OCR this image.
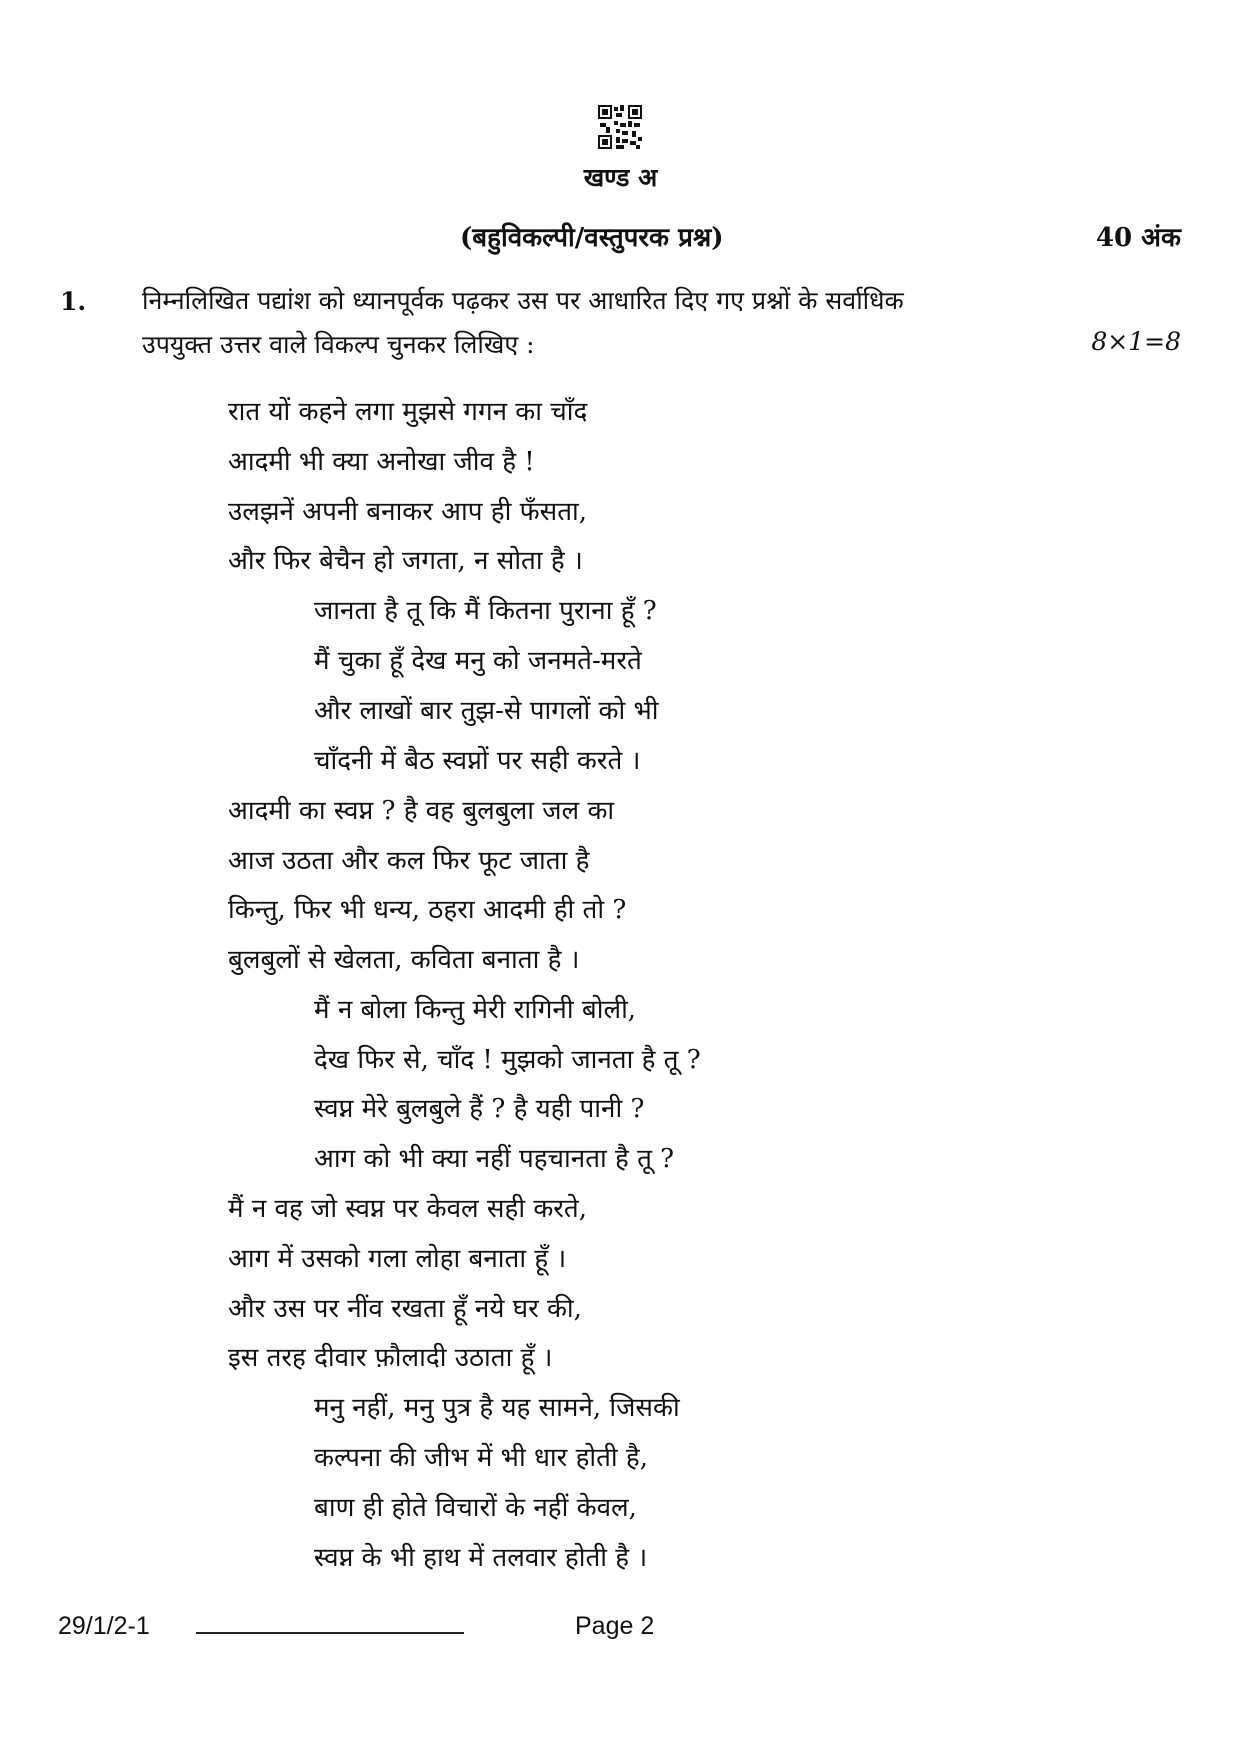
खण्ड अ
(बहुविकल्पी/वस्तुपरक प्रश्न)	40 अंक
1. निम्नलिखित पद्यांश को ध्यानपूर्वक पढ़कर उस पर आधारित दिए गए प्रश्नों के सर्वाधिक
उपयुक्त उत्तर वाले विकल्प चुनकर लिखिए :	8×1=8
रात यों कहने लगा मुझसे गगन का चाँद
आदमी भी क्या अनोखा जीव है !
उलझनें अपनी बनाकर आप ही फँसता,
और फिर बेचैन हो जगता, न सोता है ।
जानता है तू कि मैं कितना पुराना हूँ ?
मैं चुका हूँ देख मनु को जनमते-मरते
और लाखों बार तुझ-से पागलों को भी
चाँदनी में बैठ स्वप्नों पर सही करते ।
आदमी का स्वप्न ? है वह बुलबुला जल का
आज उठता और कल फिर फूट जाता है
किन्तु, फिर भी धन्य, ठहरा आदमी ही तो ?
बुलबुलों से खेलता, कविता बनाता है ।
मैं न बोला किन्तु मेरी रागिनी बोली,
देख फिर से, चाँद ! मुझको जानता है तू ?
स्वप्न मेरे बुलबुले हैं ? है यही पानी ?
आग को भी क्या नहीं पहचानता है तू ?
मैं न वह जो स्वप्न पर केवल सही करते,
आग में उसको गला लोहा बनाता हूँ ।
और उस पर नींव रखता हूँ नये घर की,
इस तरह दीवार फ़ौलादी उठाता हूँ ।
मनु नहीं, मनु पुत्र है यह सामने, जिसकी
कल्पना की जीभ में भी धार होती है,
बाण ही होते विचारों के नहीं केवल,
स्वप्न के भी हाथ में तलवार होती है ।
29/1/2-1	Page 2
